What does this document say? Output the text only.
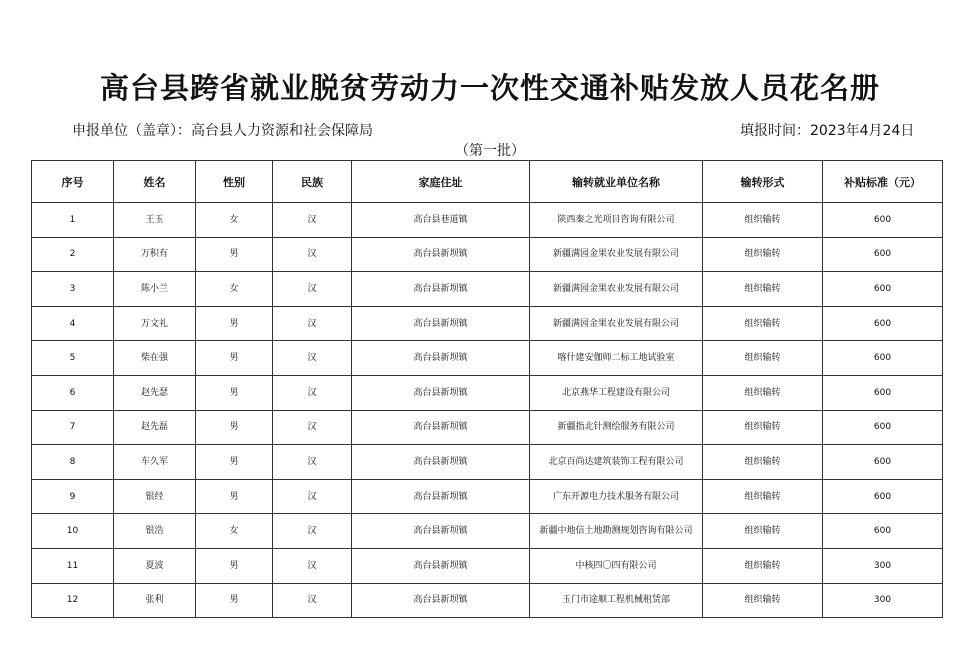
高台县跨省就业脱贫劳动力一次性交通补贴发放人员花名册
申报单位（盖章）：高台县人力资源和社会保障局	填报时间：2023年4月24日
（第一批）
序号	姓名	性别	民族	家庭住址	输转就业单位名称	输转形式	补贴标准（元）
1	王玉	女	汉	高台县巷道镇	陕西秦之光项目咨询有限公司	组织输转	600
2	万积有	男	汉	高台县新坝镇	新疆满园金果农业发展有限公司	组织输转	600
3	陈小兰	女	汉	高台县新坝镇	新疆满园金果农业发展有限公司	组织输转	600
4	万文礼	男	汉	高台县新坝镇	新疆满园金果农业发展有限公司	组织输转	600
5	柴在强	男	汉	高台县新坝镇	喀什建安伽师二标工地试验室	组织输转	600
6	赵先瑟	男	汉	高台县新坝镇	北京燕华工程建设有限公司	组织输转	600
7	赵先磊	男	汉	高台县新坝镇	新疆指北针测绘服务有限公司	组织输转	600
8	车久军	男	汉	高台县新坝镇	北京百尚达建筑装饰工程有限公司	组织输转	600
9	银经	男	汉	高台县新坝镇	广东开源电力技术服务有限公司	组织输转	600
10	银浩	女	汉	高台县新坝镇	新疆中地信土地勘测规划咨询有限公司	组织输转	600
11	夏波	男	汉	高台县新坝镇	中核四〇四有限公司	组织输转	300
12	张利	男	汉	高台县新坝镇	玉门市途顺工程机械租赁部	组织输转	300
